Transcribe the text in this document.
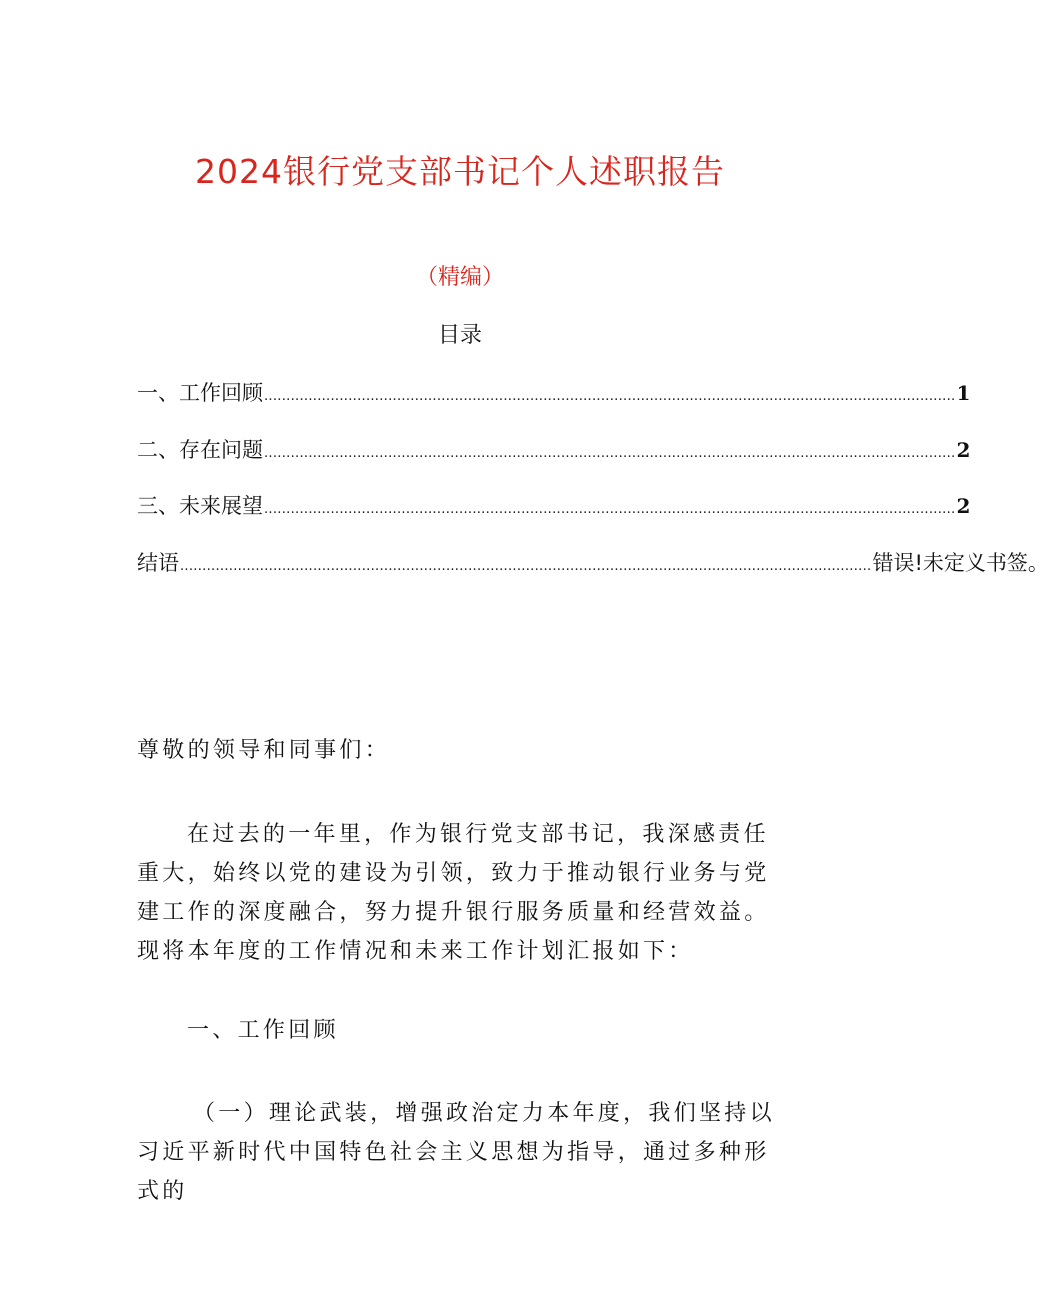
2024银行党支部书记个人述职报告
（精编）
目录
一、工作回顾 ............................................................................................................................................................ 1
二、存在问题 ............................................................................................................................................................ 2
三、未来展望 ............................................................................................................................................................ 2
结语 ............................................................................................................................................................ 错误!未定义书签。

尊敬的领导和同事们：

在过去的一年里，作为银行党支部书记，我深感责任重大，始终以党的建设为引领，致力于推动银行业务与党建工作的深度融合，努力提升银行服务质量和经营效益。现将本年度的工作情况和未来工作计划汇报如下：

一、工作回顾

（一）理论武装，增强政治定力本年度，我们坚持以习近平新时代中国特色社会主义思想为指导，通过多种形式的
